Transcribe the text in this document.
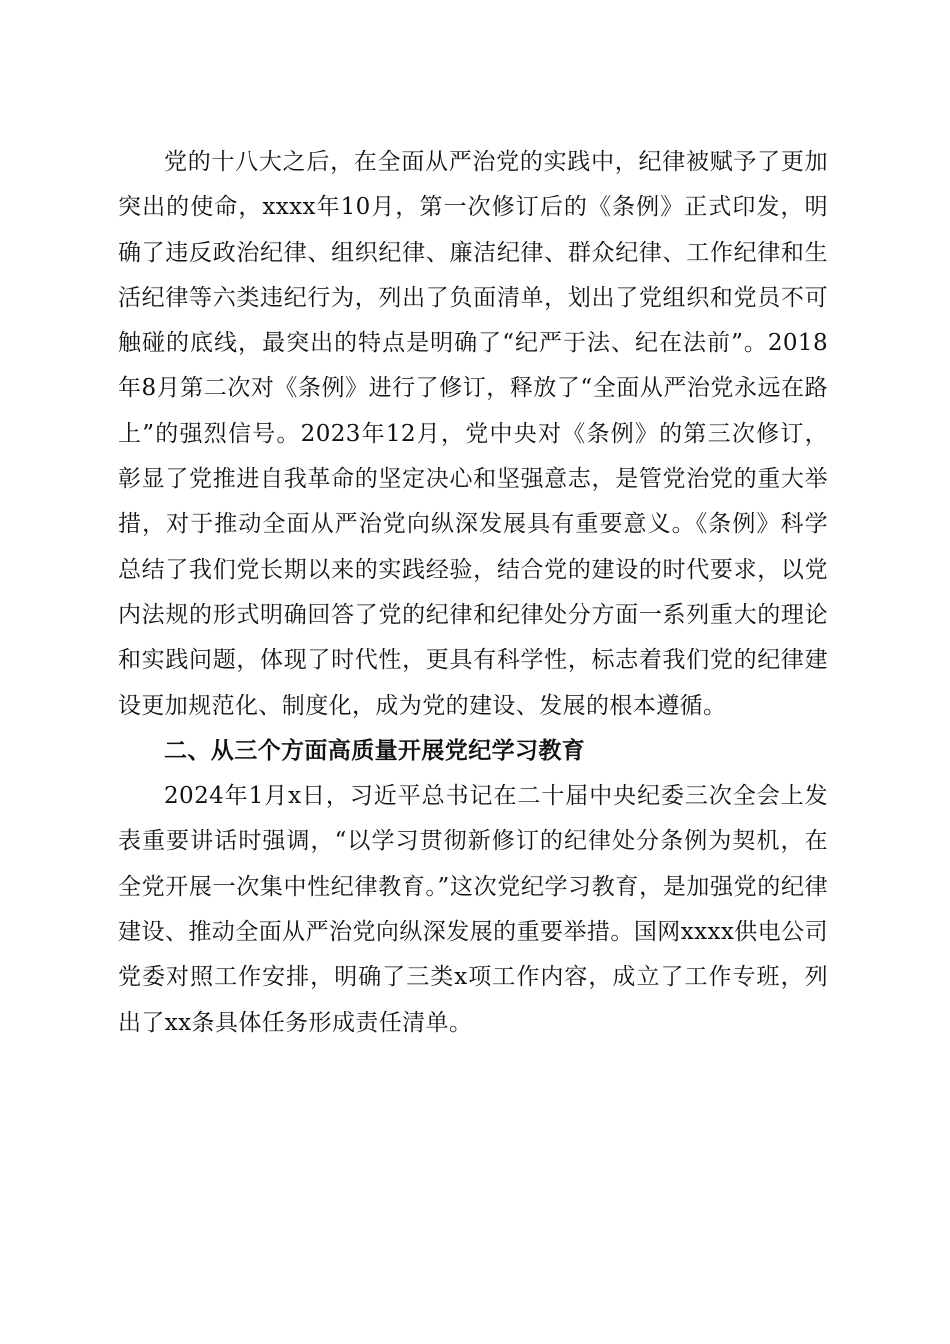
党的十八大之后，在全面从严治党的实践中，纪律被赋予了更加突出的使命，xxxx年10月，第一次修订后的《条例》正式印发，明确了违反政治纪律、组织纪律、廉洁纪律、群众纪律、工作纪律和生活纪律等六类违纪行为，列出了负面清单，划出了党组织和党员不可触碰的底线，最突出的特点是明确了“纪严于法、纪在法前”。2018年8月第二次对《条例》进行了修订，释放了“全面从严治党永远在路上”的强烈信号。2023年12月，党中央对《条例》的第三次修订，彰显了党推进自我革命的坚定决心和坚强意志，是管党治党的重大举措，对于推动全面从严治党向纵深发展具有重要意义。《条例》科学总结了我们党长期以来的实践经验，结合党的建设的时代要求，以党内法规的形式明确回答了党的纪律和纪律处分方面一系列重大的理论和实践问题，体现了时代性，更具有科学性，标志着我们党的纪律建设更加规范化、制度化，成为党的建设、发展的根本遵循。

二、从三个方面高质量开展党纪学习教育

2024年1月x日，习近平总书记在二十届中央纪委三次全会上发表重要讲话时强调，“以学习贯彻新修订的纪律处分条例为契机，在全党开展一次集中性纪律教育。”这次党纪学习教育，是加强党的纪律建设、推动全面从严治党向纵深发展的重要举措。国网xxxx供电公司党委对照工作安排，明确了三类x项工作内容，成立了工作专班，列出了xx条具体任务形成责任清单。
